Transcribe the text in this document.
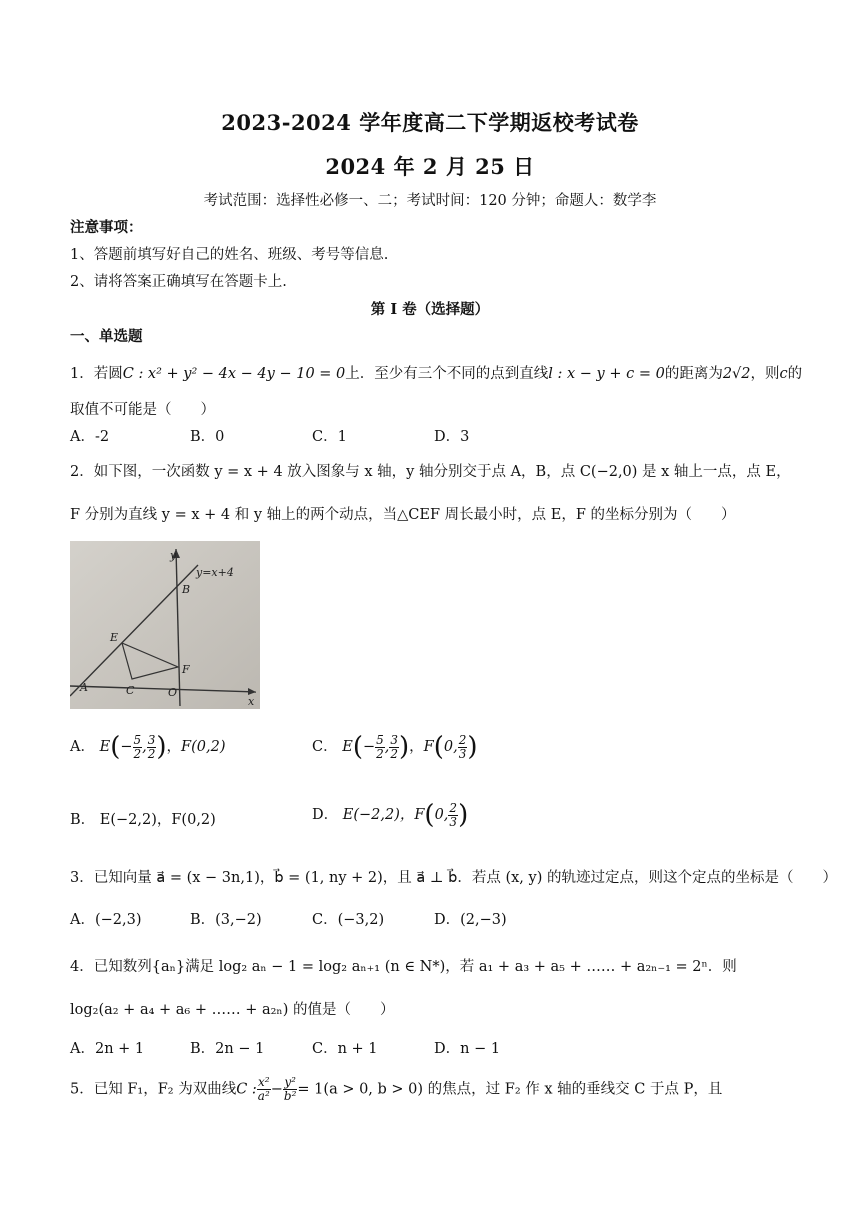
2023-2024 学年度高二下学期返校考试卷
2024 年 2 月 25 日
考试范围：选择性必修一、二；考试时间：120 分钟；命题人：数学李
注意事项：
1、答题前填写好自己的姓名、班级、考号等信息.
2、请将答案正确填写在答题卡上.
第 I 卷（选择题）
一、单选题
1．若圆C : x² + y² − 4x − 4y − 10 = 0上．至少有三个不同的点到直线l : x − y + c = 0的距离为2√2，则c的
取值不可能是（　　）
A．-2	B．0	C．1	D．3
2．如下图，一次函数 y = x + 4 放入图象与 x 轴，y 轴分别交于点 A，B，点 C(−2,0) 是 x 轴上一点，点 E，
F 分别为直线 y = x + 4 和 y 轴上的两个动点，当△CEF 周长最小时，点 E，F 的坐标分别为（　　）
y=x+4
y
x
B
E
F
A	C	O
A． $E(- \frac{5}{2}$ , $\frac{3}{2}$ )，F(0,2)	C． $E(- \frac{5}{2}$ , $\frac{3}{2}$ )，F(0, $\frac{2}{3}$ )
B． E(−2,2)，F(0,2)	D． E(−2,2)，F(0, $\frac{2}{3}$ )
3．已知向量 a⃗ = (x − 3n,1)，b⃗ = (1, ny + 2)，且 a⃗ ⊥ b⃗．若点 (x, y) 的轨迹过定点，则这个定点的坐标是（　　）
A．(−2,3)	B．(3,−2)	C．(−3,2)	D．(2,−3)
4．已知数列{aₙ}满足 log₂ aₙ − 1 = log₂ aₙ₊₁ (n ∈ N*)，若 a₁ + a₃ + a₅ + …… + a₂ₙ₋₁ = 2ⁿ．则
log₂(a₂ + a₄ + a₆ + …… + a₂ₙ) 的值是（　　）
A．2n + 1	B．2n − 1	C．n + 1	D．n − 1
5．已知 F₁，F₂ 为双曲线C : $\frac{\text{x²}}{\text{a²}} - \frac{\text{y²}}{\text{b²}} = 1(a > 0$, b > 0) 的焦点，过 F₂ 作 x 轴的垂线交 C 于点 P，且
